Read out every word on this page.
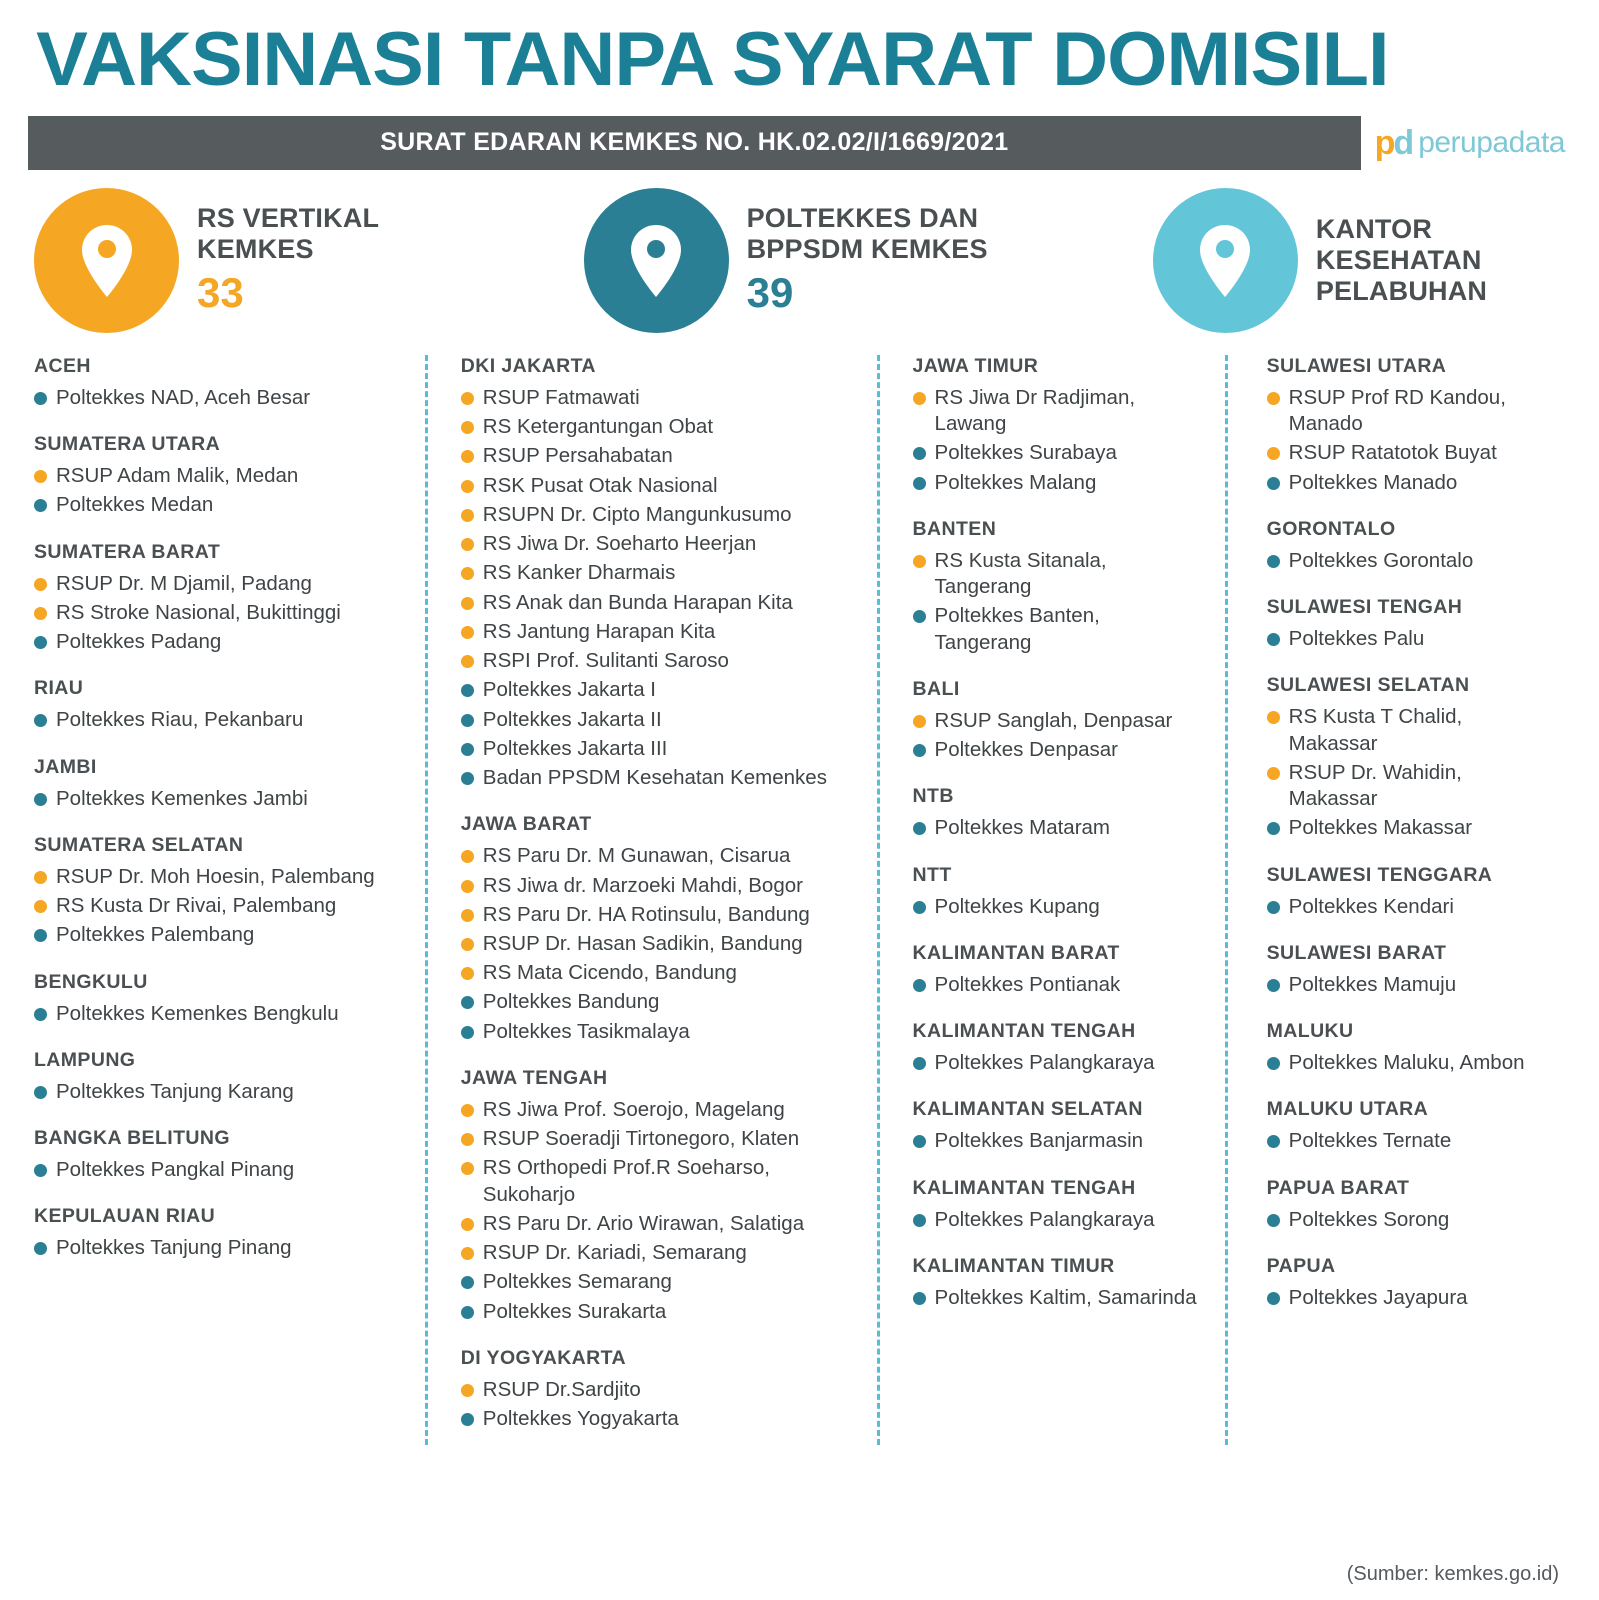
VAKSINASI TANPA SYARAT DOMISILI
SURAT EDARAN KEMKES NO. HK.02.02/I/1669/2021	pd perupadata
RS VERTIKAL
KEMKES
33
POLTEKKES DAN
BPPSDM KEMKES
39
KANTOR
KESEHATAN
PELABUHAN
ACEH
Poltekkes NAD, Aceh Besar
SUMATERA UTARA
RSUP Adam Malik, Medan
Poltekkes Medan
SUMATERA BARAT
RSUP Dr. M Djamil, Padang
RS Stroke Nasional, Bukittinggi
Poltekkes Padang
RIAU
Poltekkes Riau, Pekanbaru
JAMBI
Poltekkes Kemenkes Jambi
SUMATERA SELATAN
RSUP Dr. Moh Hoesin, Palembang
RS Kusta Dr Rivai, Palembang
Poltekkes Palembang
BENGKULU
Poltekkes Kemenkes Bengkulu
LAMPUNG
Poltekkes Tanjung Karang
BANGKA BELITUNG
Poltekkes Pangkal Pinang
KEPULAUAN RIAU
Poltekkes Tanjung Pinang
DKI JAKARTA
RSUP Fatmawati
RS Ketergantungan Obat
RSUP Persahabatan
RSK Pusat Otak Nasional
RSUPN Dr. Cipto Mangunkusumo
RS Jiwa Dr. Soeharto Heerjan
RS Kanker Dharmais
RS Anak dan Bunda Harapan Kita
RS Jantung Harapan Kita
RSPI Prof. Sulitanti Saroso
Poltekkes Jakarta I
Poltekkes Jakarta II
Poltekkes Jakarta III
Badan PPSDM Kesehatan Kemenkes
JAWA BARAT
RS Paru Dr. M Gunawan, Cisarua
RS Jiwa dr. Marzoeki Mahdi, Bogor
RS Paru Dr. HA Rotinsulu, Bandung
RSUP Dr. Hasan Sadikin, Bandung
RS Mata Cicendo, Bandung
Poltekkes Bandung
Poltekkes Tasikmalaya
JAWA TENGAH
RS Jiwa Prof. Soerojo, Magelang
RSUP Soeradji Tirtonegoro, Klaten
RS Orthopedi Prof.R Soeharso, Sukoharjo
RS Paru Dr. Ario Wirawan, Salatiga
RSUP Dr. Kariadi, Semarang
Poltekkes Semarang
Poltekkes Surakarta
DI YOGYAKARTA
RSUP Dr.Sardjito
Poltekkes Yogyakarta
JAWA TIMUR
RS Jiwa Dr Radjiman, Lawang
Poltekkes Surabaya
Poltekkes Malang
BANTEN
RS Kusta Sitanala, Tangerang
Poltekkes Banten, Tangerang
BALI
RSUP Sanglah, Denpasar
Poltekkes Denpasar
NTB
Poltekkes Mataram
NTT
Poltekkes Kupang
KALIMANTAN BARAT
Poltekkes Pontianak
KALIMANTAN TENGAH
Poltekkes Palangkaraya
KALIMANTAN SELATAN
Poltekkes Banjarmasin
KALIMANTAN TENGAH
Poltekkes Palangkaraya
KALIMANTAN TIMUR
Poltekkes Kaltim, Samarinda
SULAWESI UTARA
RSUP Prof RD Kandou, Manado
RSUP Ratatotok Buyat
Poltekkes Manado
GORONTALO
Poltekkes Gorontalo
SULAWESI TENGAH
Poltekkes Palu
SULAWESI SELATAN
RS Kusta T Chalid, Makassar
RSUP Dr. Wahidin, Makassar
Poltekkes Makassar
SULAWESI TENGGARA
Poltekkes Kendari
SULAWESI BARAT
Poltekkes Mamuju
MALUKU
Poltekkes Maluku, Ambon
MALUKU UTARA
Poltekkes Ternate
PAPUA BARAT
Poltekkes Sorong
PAPUA
Poltekkes Jayapura
(Sumber: kemkes.go.id)
